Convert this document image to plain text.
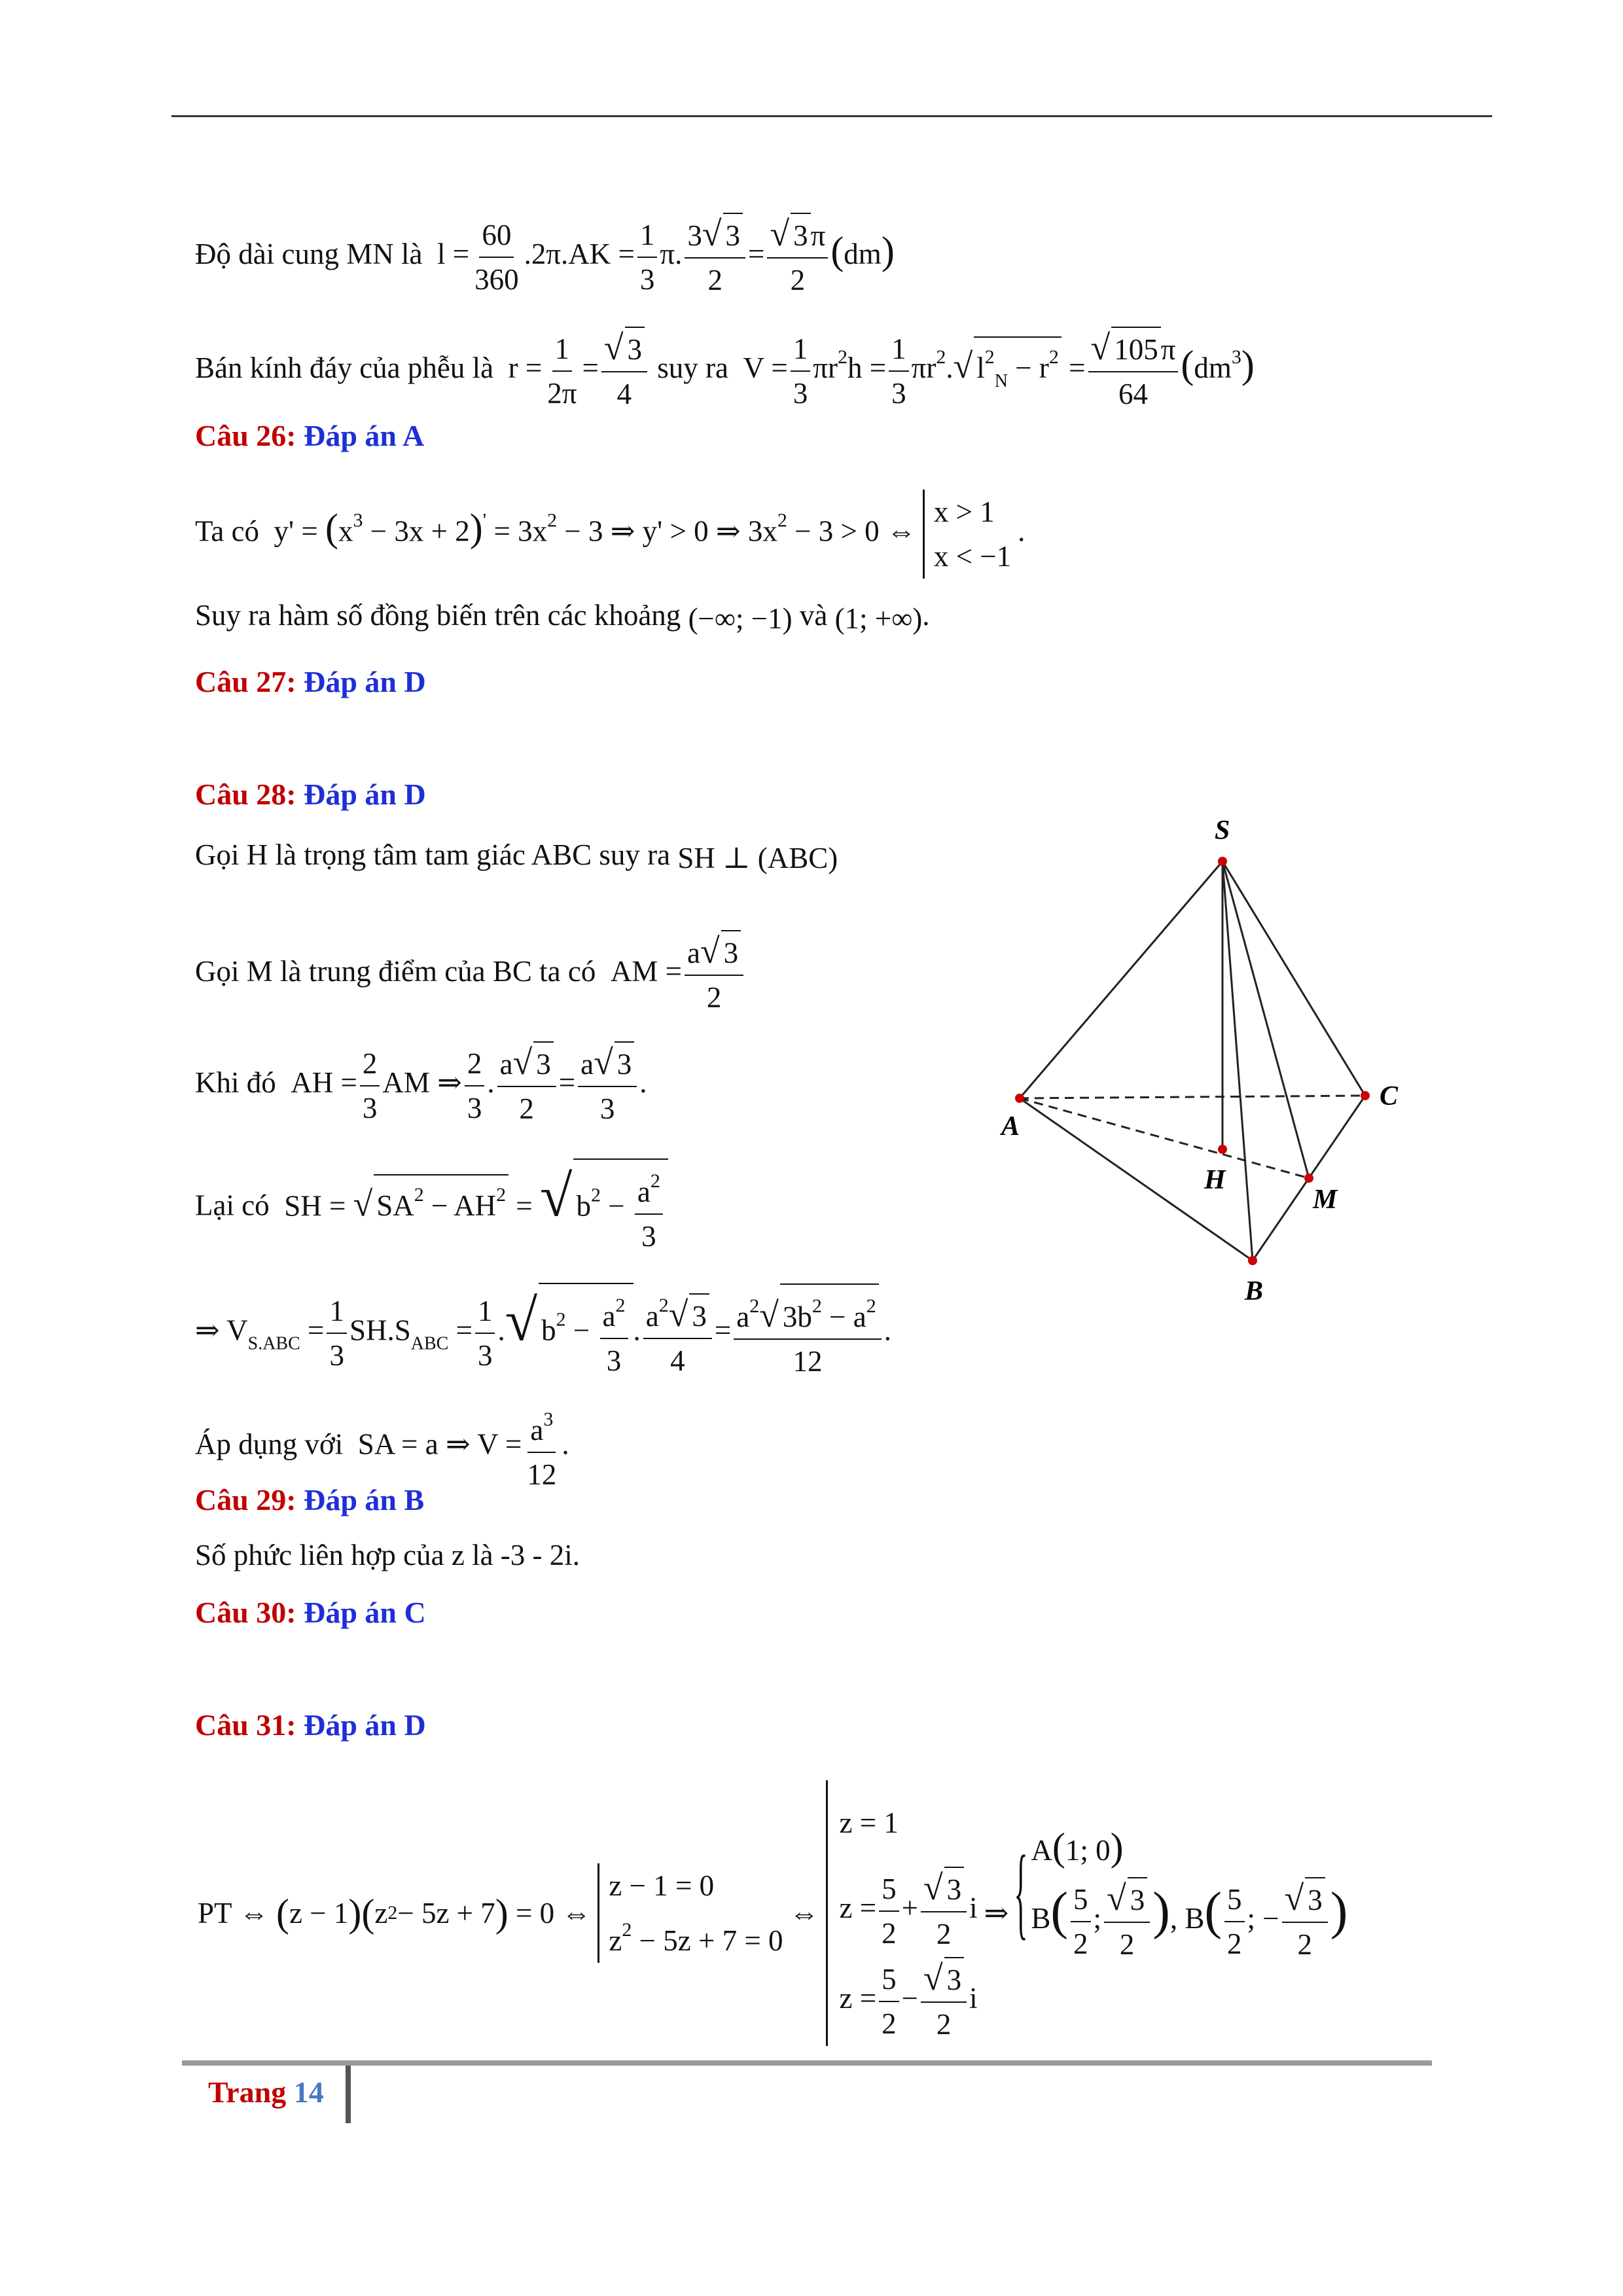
Độ dài cung MN là  $l = \frac{60}{360} .2\pi.AK = \frac{1}{3} \pi$. $\frac{3√ 3}{2} = \frac{√ 3\pi}{2} (dm)$
Bán kính đáy của phễu là  $r = \frac{1}{2\pi} = \frac{√ 3}{4}$ suy ra  $V = \frac{1}{3} \pi r^2h = \frac{1}{3} \pi r^2.√$ $l^2_N - r^2 = \frac{√ 105\pi}{64} (dm^3)$
Câu 26: Đáp án A
Ta có  $y' = (x^3 - 3x + 2)' = 3x^2 - 3$ ⇒ y' > 0 ⇒ $3x^2 - 3 > 0$ ⇔
x > 1
x < −1
.
Suy ra hàm số đồng biến trên các khoảng (−∞; −1) và (1; +∞).
Câu 27: Đáp án D
Câu 28: Đáp án D
Gọi H là trọng tâm tam giác ABC suy ra SH ⊥ (ABC)
Gọi M là trung điểm của BC ta có  AM = $\frac{a√ 3}{2}$
Khi đó  AH = $\frac{2}{3}$ AM ⇒ $\frac{2}{3}$ . $\frac{a√ 3}{2} = \frac{a√ 3}{3}$ .
Lại có  SH = √ $SA^2 - AH^2$ = √ $b^2 - \frac{a^2}{3}$
⇒ $V_{S.ABC} = \frac{1}{3} SH.S_{ABC} = \frac{1}{3}$ .√ $b^2 - \frac{a^2}{3}$ . $\frac{a^2√ 3}{4} = \frac{a^2√ 3b^2 - a^2}{12}$ .
Áp dụng với  SA = a ⇒ $V = \frac{a^3}{12}$ .
Câu 29: Đáp án B
Số phức liên hợp của z là -3 - 2i.
Câu 30: Đáp án C
Câu 31: Đáp án D
PT ⇔ ( z − 1 )( z 2 − 5z + 7 ) = 0 ⇔
z − 1 = 0
$z^2 - 5z + 7 = 0$
⇔
z = 1
$z = \frac{5}{2} + \frac{√ 3}{2}$ i
$z = \frac{5}{2} - \frac{√ 3}{2}$ i
⇒
{ A(1; 0)
$B( \frac{5}{2}$ ; $\frac{√ 3}{2}$ ), $B( \frac{5}{2}$ ; − $\frac{√ 3}{2}$ )
S
A
B
C
H
M
Trang 14
